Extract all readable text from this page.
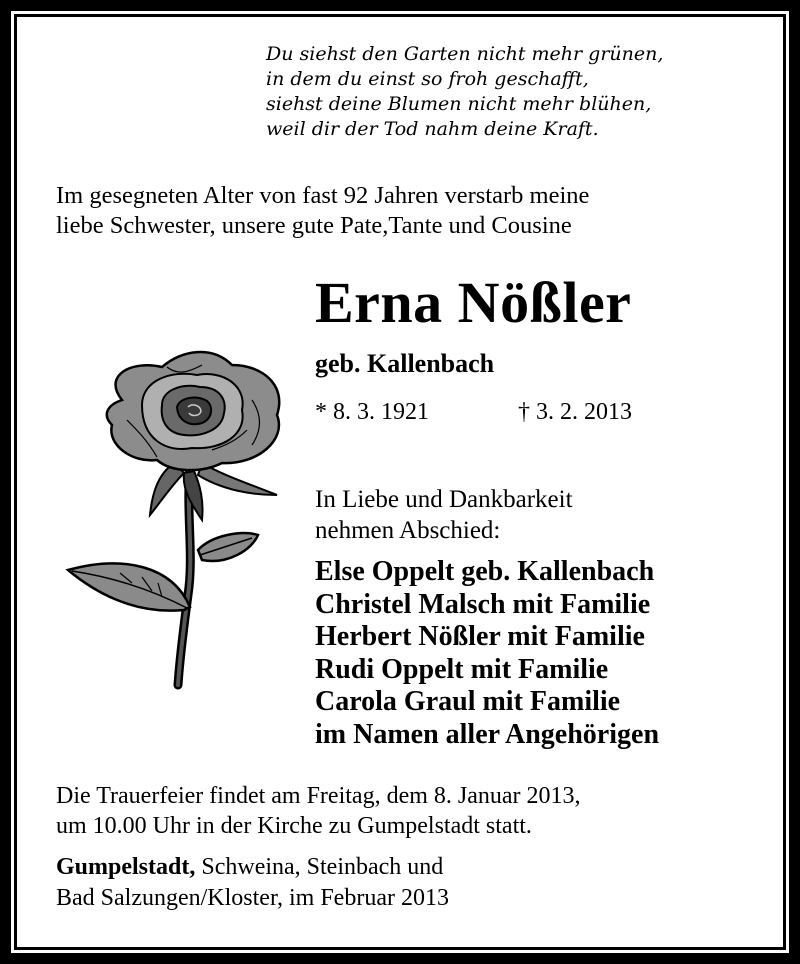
Du siehst den Garten nicht mehr grünen,
in dem du einst so froh geschafft,
siehst deine Blumen nicht mehr blühen,
weil dir der Tod nahm deine Kraft.
Im gesegneten Alter von fast 92 Jahren verstarb meine
liebe Schwester, unsere gute Pate,Tante und Cousine
Erna Nößler
geb. Kallenbach
* 8. 3. 1921	† 3. 2. 2013
In Liebe und Dankbarkeit
nehmen Abschied:
Else Oppelt geb. Kallenbach
Christel Malsch mit Familie
Herbert Nößler mit Familie
Rudi Oppelt mit Familie
Carola Graul mit Familie
im Namen aller Angehörigen
Die Trauerfeier findet am Freitag, dem 8. Januar 2013,
um 10.00 Uhr in der Kirche zu Gumpelstadt statt.
Gumpelstadt, Schweina, Steinbach und
Bad Salzungen/Kloster, im Februar 2013
